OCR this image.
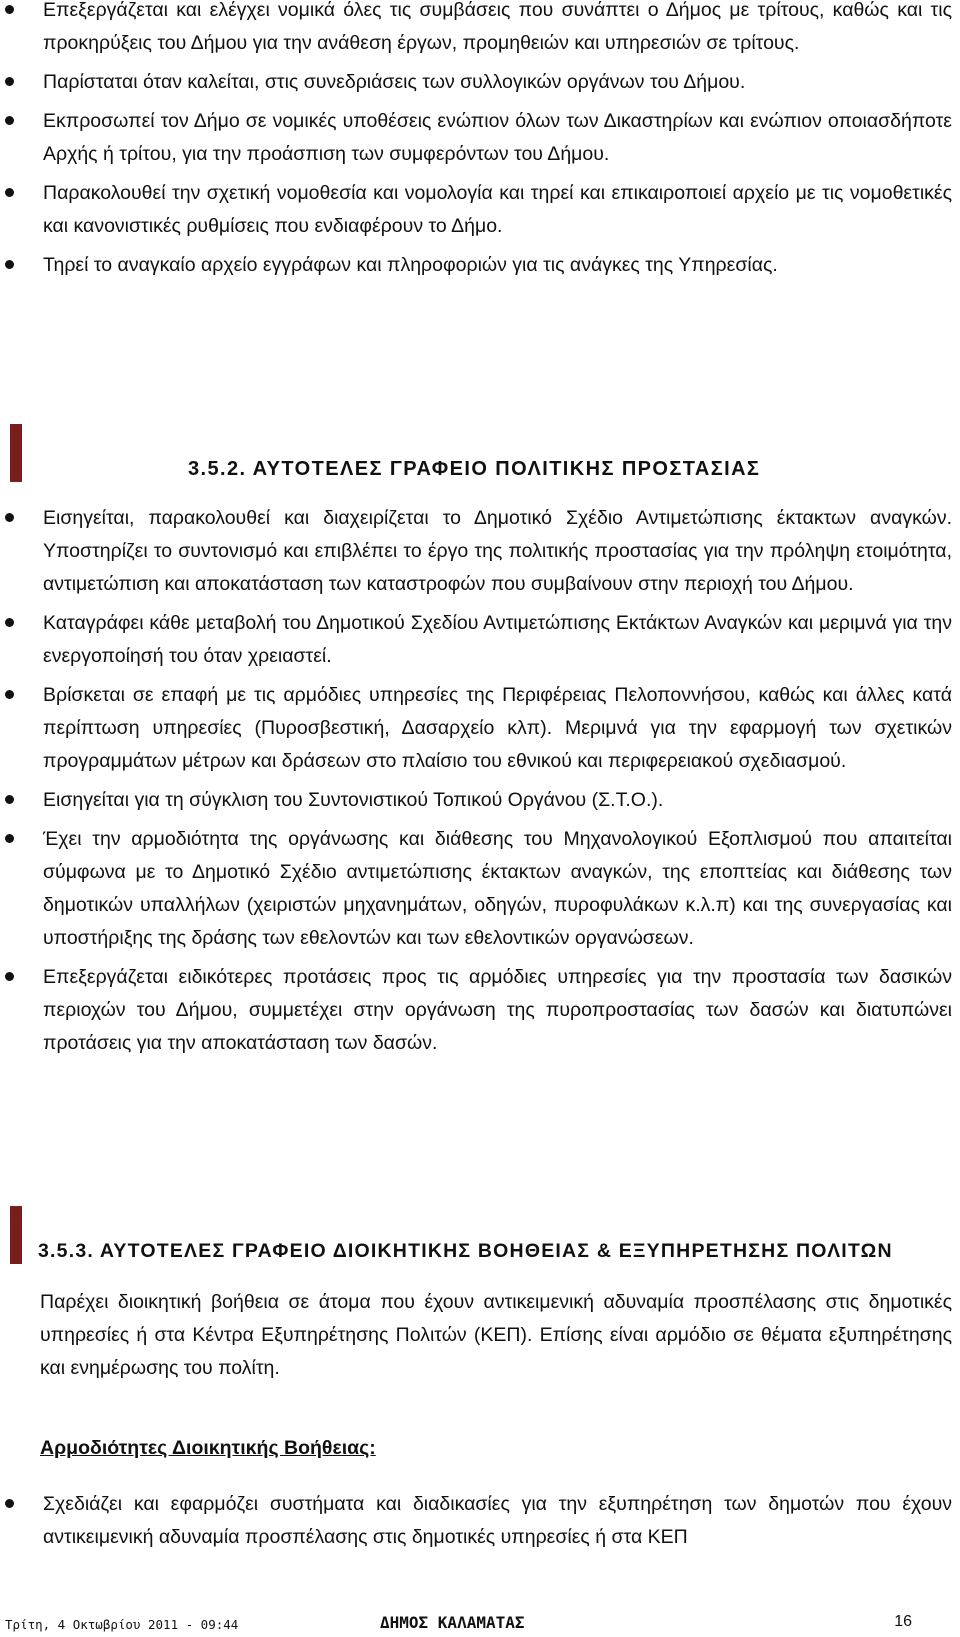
Επεξεργάζεται και ελέγχει νομικά όλες τις συμβάσεις που συνάπτει ο Δήμος με τρίτους, καθώς και τις προκηρύξεις του Δήμου για την ανάθεση έργων, προμηθειών και υπηρεσιών σε τρίτους.
Παρίσταται όταν καλείται, στις συνεδριάσεις των συλλογικών οργάνων του Δήμου.
Εκπροσωπεί τον Δήμο σε νομικές υποθέσεις ενώπιον όλων των Δικαστηρίων και ενώπιον οποιασδήποτε Αρχής ή τρίτου, για την προάσπιση των συμφερόντων του Δήμου.
Παρακολουθεί την σχετική νομοθεσία και νομολογία και τηρεί και επικαιροποιεί αρχείο με τις νομοθετικές και κανονιστικές ρυθμίσεις που ενδιαφέρουν το Δήμο.
Τηρεί το αναγκαίο αρχείο εγγράφων και πληροφοριών για τις ανάγκες της Υπηρεσίας.
3.5.2. ΑΥΤΟΤΕΛΕΣ ΓΡΑΦΕΙΟ ΠΟΛΙΤΙΚΗΣ ΠΡΟΣΤΑΣΙΑΣ
Εισηγείται, παρακολουθεί και διαχειρίζεται το Δημοτικό Σχέδιο Αντιμετώπισης έκτακτων αναγκών. Υποστηρίζει το συντονισμό και επιβλέπει το έργο της πολιτικής προστασίας για την πρόληψη ετοιμότητα, αντιμετώπιση και αποκατάσταση των καταστροφών που συμβαίνουν στην περιοχή του Δήμου.
Καταγράφει κάθε μεταβολή του Δημοτικού Σχεδίου Αντιμετώπισης Εκτάκτων Αναγκών και μεριμνά για την ενεργοποίησή του όταν χρειαστεί.
Βρίσκεται σε επαφή με τις αρμόδιες υπηρεσίες της Περιφέρειας Πελοποννήσου, καθώς και άλλες κατά περίπτωση υπηρεσίες (Πυροσβεστική, Δασαρχείο κλπ). Μεριμνά για την εφαρμογή των σχετικών προγραμμάτων μέτρων και δράσεων στο πλαίσιο του εθνικού και περιφερειακού σχεδιασμού.
Εισηγείται για τη σύγκλιση του Συντονιστικού Τοπικού Οργάνου (Σ.Τ.Ο.).
Έχει την αρμοδιότητα της οργάνωσης και διάθεσης του Μηχανολογικού Εξοπλισμού που απαιτείται σύμφωνα με το Δημοτικό Σχέδιο αντιμετώπισης έκτακτων αναγκών, της εποπτείας και διάθεσης των δημοτικών υπαλλήλων (χειριστών μηχανημάτων, οδηγών, πυροφυλάκων κ.λ.π) και της συνεργασίας και υποστήριξης της δράσης των εθελοντών και των εθελοντικών οργανώσεων.
Επεξεργάζεται ειδικότερες προτάσεις προς τις αρμόδιες υπηρεσίες για την προστασία των δασικών περιοχών του Δήμου, συμμετέχει στην οργάνωση της πυροπροστασίας των δασών και διατυπώνει προτάσεις για την αποκατάσταση των δασών.
3.5.3. ΑΥΤΟΤΕΛΕΣ ΓΡΑΦΕΙΟ ΔΙΟΙΚΗΤΙΚΗΣ ΒΟΗΘΕΙΑΣ & ΕΞΥΠΗΡΕΤΗΣΗΣ ΠΟΛΙΤΩΝ

Παρέχει διοικητική βοήθεια σε άτομα που έχουν αντικειμενική αδυναμία προσπέλασης στις δημοτικές υπηρεσίες ή στα Κέντρα Εξυπηρέτησης Πολιτών (ΚΕΠ). Επίσης είναι αρμόδιο σε θέματα εξυπηρέτησης και ενημέρωσης του πολίτη.

Αρμοδιότητες Διοικητικής Βοήθειας:
Σχεδιάζει και εφαρμόζει συστήματα και διαδικασίες για την εξυπηρέτηση των δημοτών που έχουν αντικειμενική αδυναμία προσπέλασης στις δημοτικές υπηρεσίες ή στα ΚΕΠ
Τρίτη, 4 Οκτωβρίου 2011 - 09:44	ΔΗΜΟΣ ΚΑΛΑΜΑΤΑΣ	16
